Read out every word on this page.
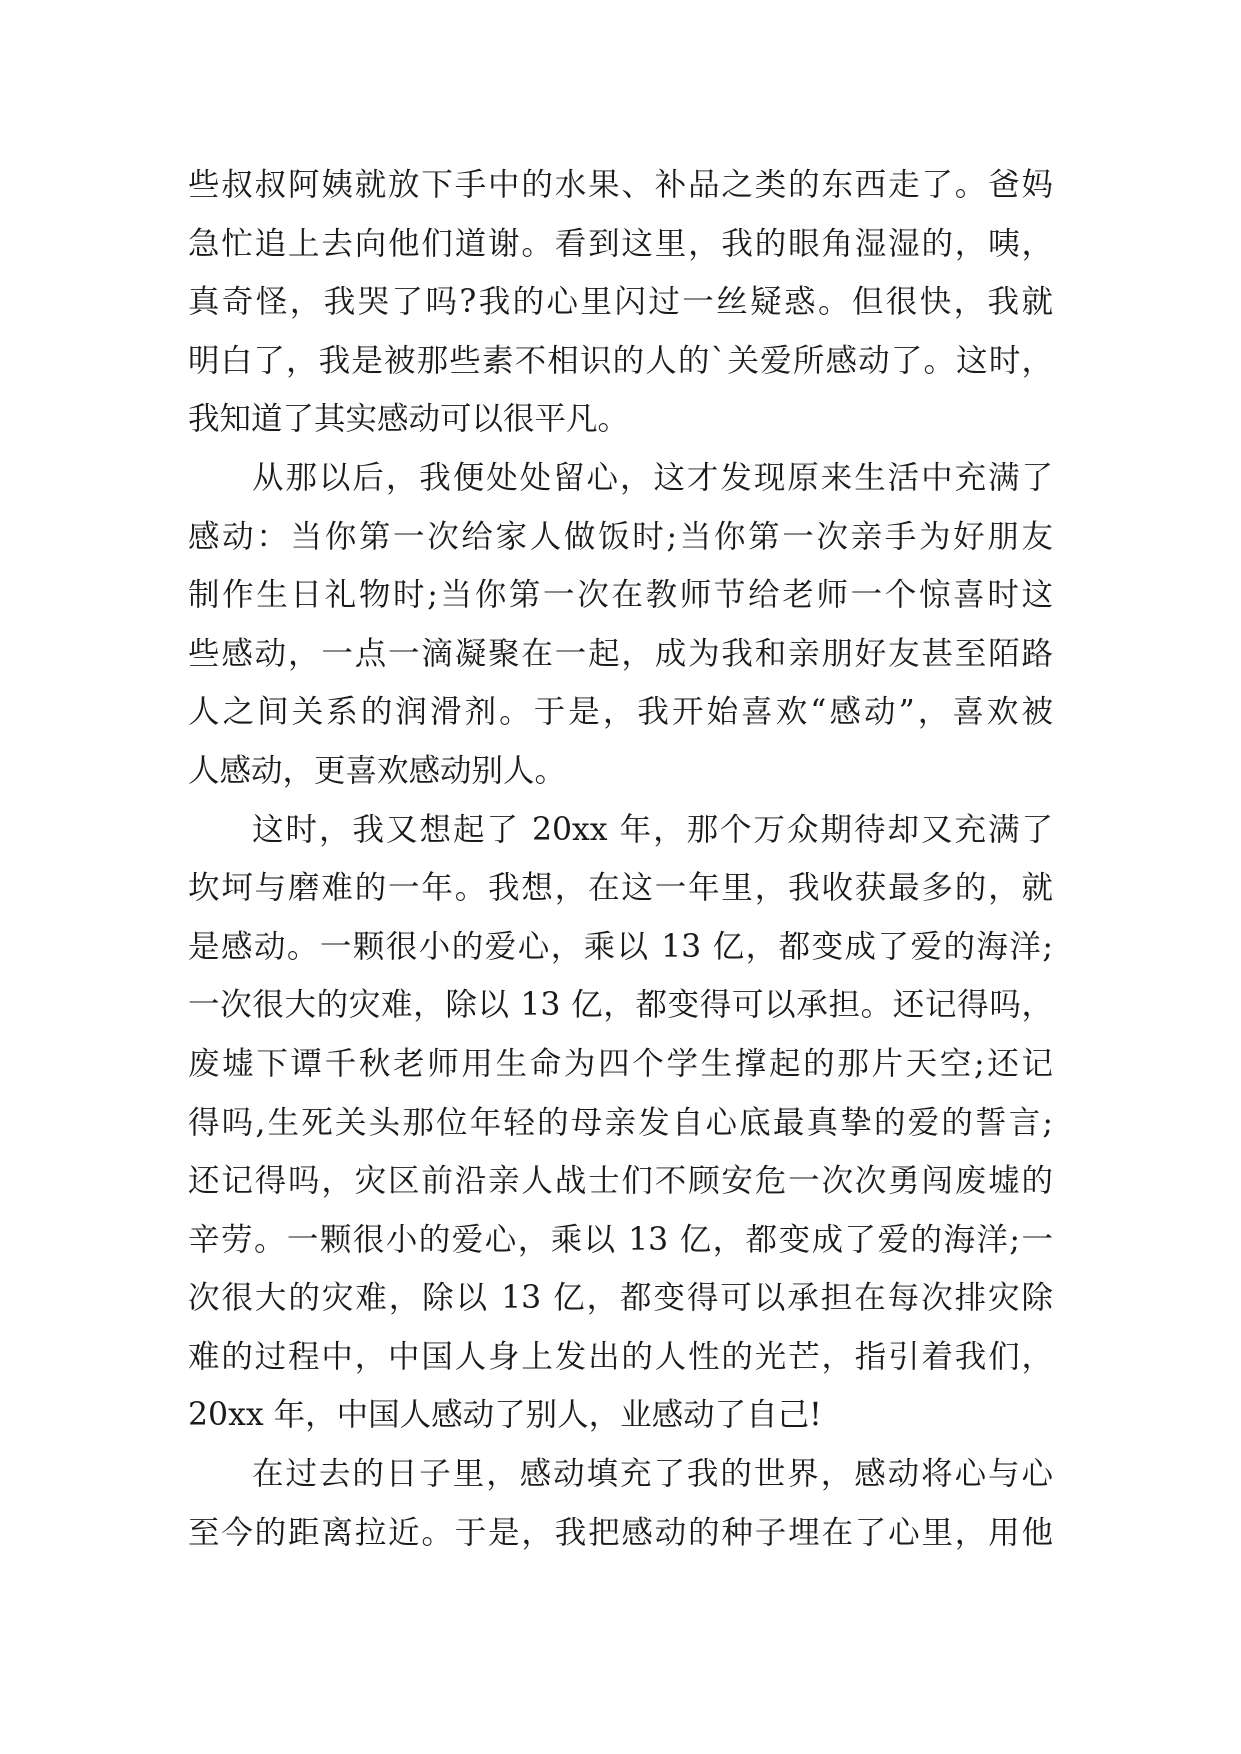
些叔叔阿姨就放下手中的水果、补品之类的东西走了。爸妈
急忙追上去向他们道谢。看到这里，我的眼角湿湿的，咦，
真奇怪，我哭了吗?我的心里闪过一丝疑惑。但很快，我就
明白了，我是被那些素不相识的人的`关爱所感动了。这时，
我知道了其实感动可以很平凡。
从那以后，我便处处留心，这才发现原来生活中充满了
感动：当你第一次给家人做饭时;当你第一次亲手为好朋友
制作生日礼物时;当你第一次在教师节给老师一个惊喜时这
些感动，一点一滴凝聚在一起，成为我和亲朋好友甚至陌路
人之间关系的润滑剂。于是，我开始喜欢“感动”，喜欢被
人感动，更喜欢感动别人。
这时，我又想起了 20xx 年，那个万众期待却又充满了
坎坷与磨难的一年。我想，在这一年里，我收获最多的，就
是感动。一颗很小的爱心，乘以 13 亿，都变成了爱的海洋;
一次很大的灾难，除以 13 亿，都变得可以承担。还记得吗，
废墟下谭千秋老师用生命为四个学生撑起的那片天空;还记
得吗,生死关头那位年轻的母亲发自心底最真挚的爱的誓言;
还记得吗，灾区前沿亲人战士们不顾安危一次次勇闯废墟的
辛劳。一颗很小的爱心，乘以 13 亿，都变成了爱的海洋;一
次很大的灾难，除以 13 亿，都变得可以承担在每次排灾除
难的过程中，中国人身上发出的人性的光芒，指引着我们，
20xx 年，中国人感动了别人，业感动了自己!
在过去的日子里，感动填充了我的世界，感动将心与心
至今的距离拉近。于是，我把感动的种子埋在了心里，用他
